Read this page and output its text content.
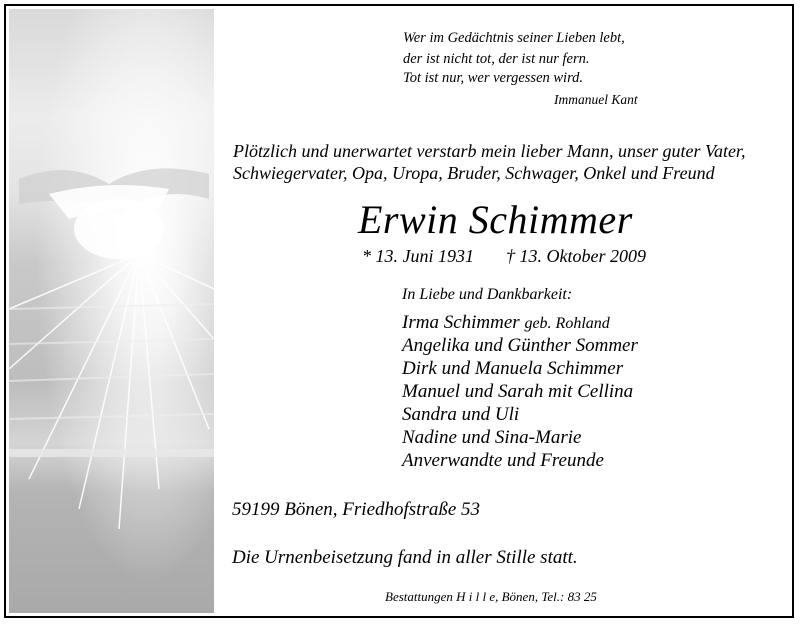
Wer im Gedächtnis seiner Lieben lebt,
der ist nicht tot, der ist nur fern.
Tot ist nur, wer vergessen wird.
Immanuel Kant
Plötzlich und unerwartet verstarb mein lieber Mann, unser guter Vater,
Schwiegervater, Opa, Uropa, Bruder, Schwager, Onkel und Freund
Erwin Schimmer
* 13. Juni 1931 † 13. Oktober 2009
In Liebe und Dankbarkeit:
Irma Schimmer geb. Rohland
Angelika und Günther Sommer
Dirk und Manuela Schimmer
Manuel und Sarah mit Cellina
Sandra und Uli
Nadine und Sina-Marie
Anverwandte und Freunde
59199 Bönen, Friedhofstraße 53
Die Urnenbeisetzung fand in aller Stille statt.
Bestattungen H i l l e, Bönen, Tel.: 83 25
